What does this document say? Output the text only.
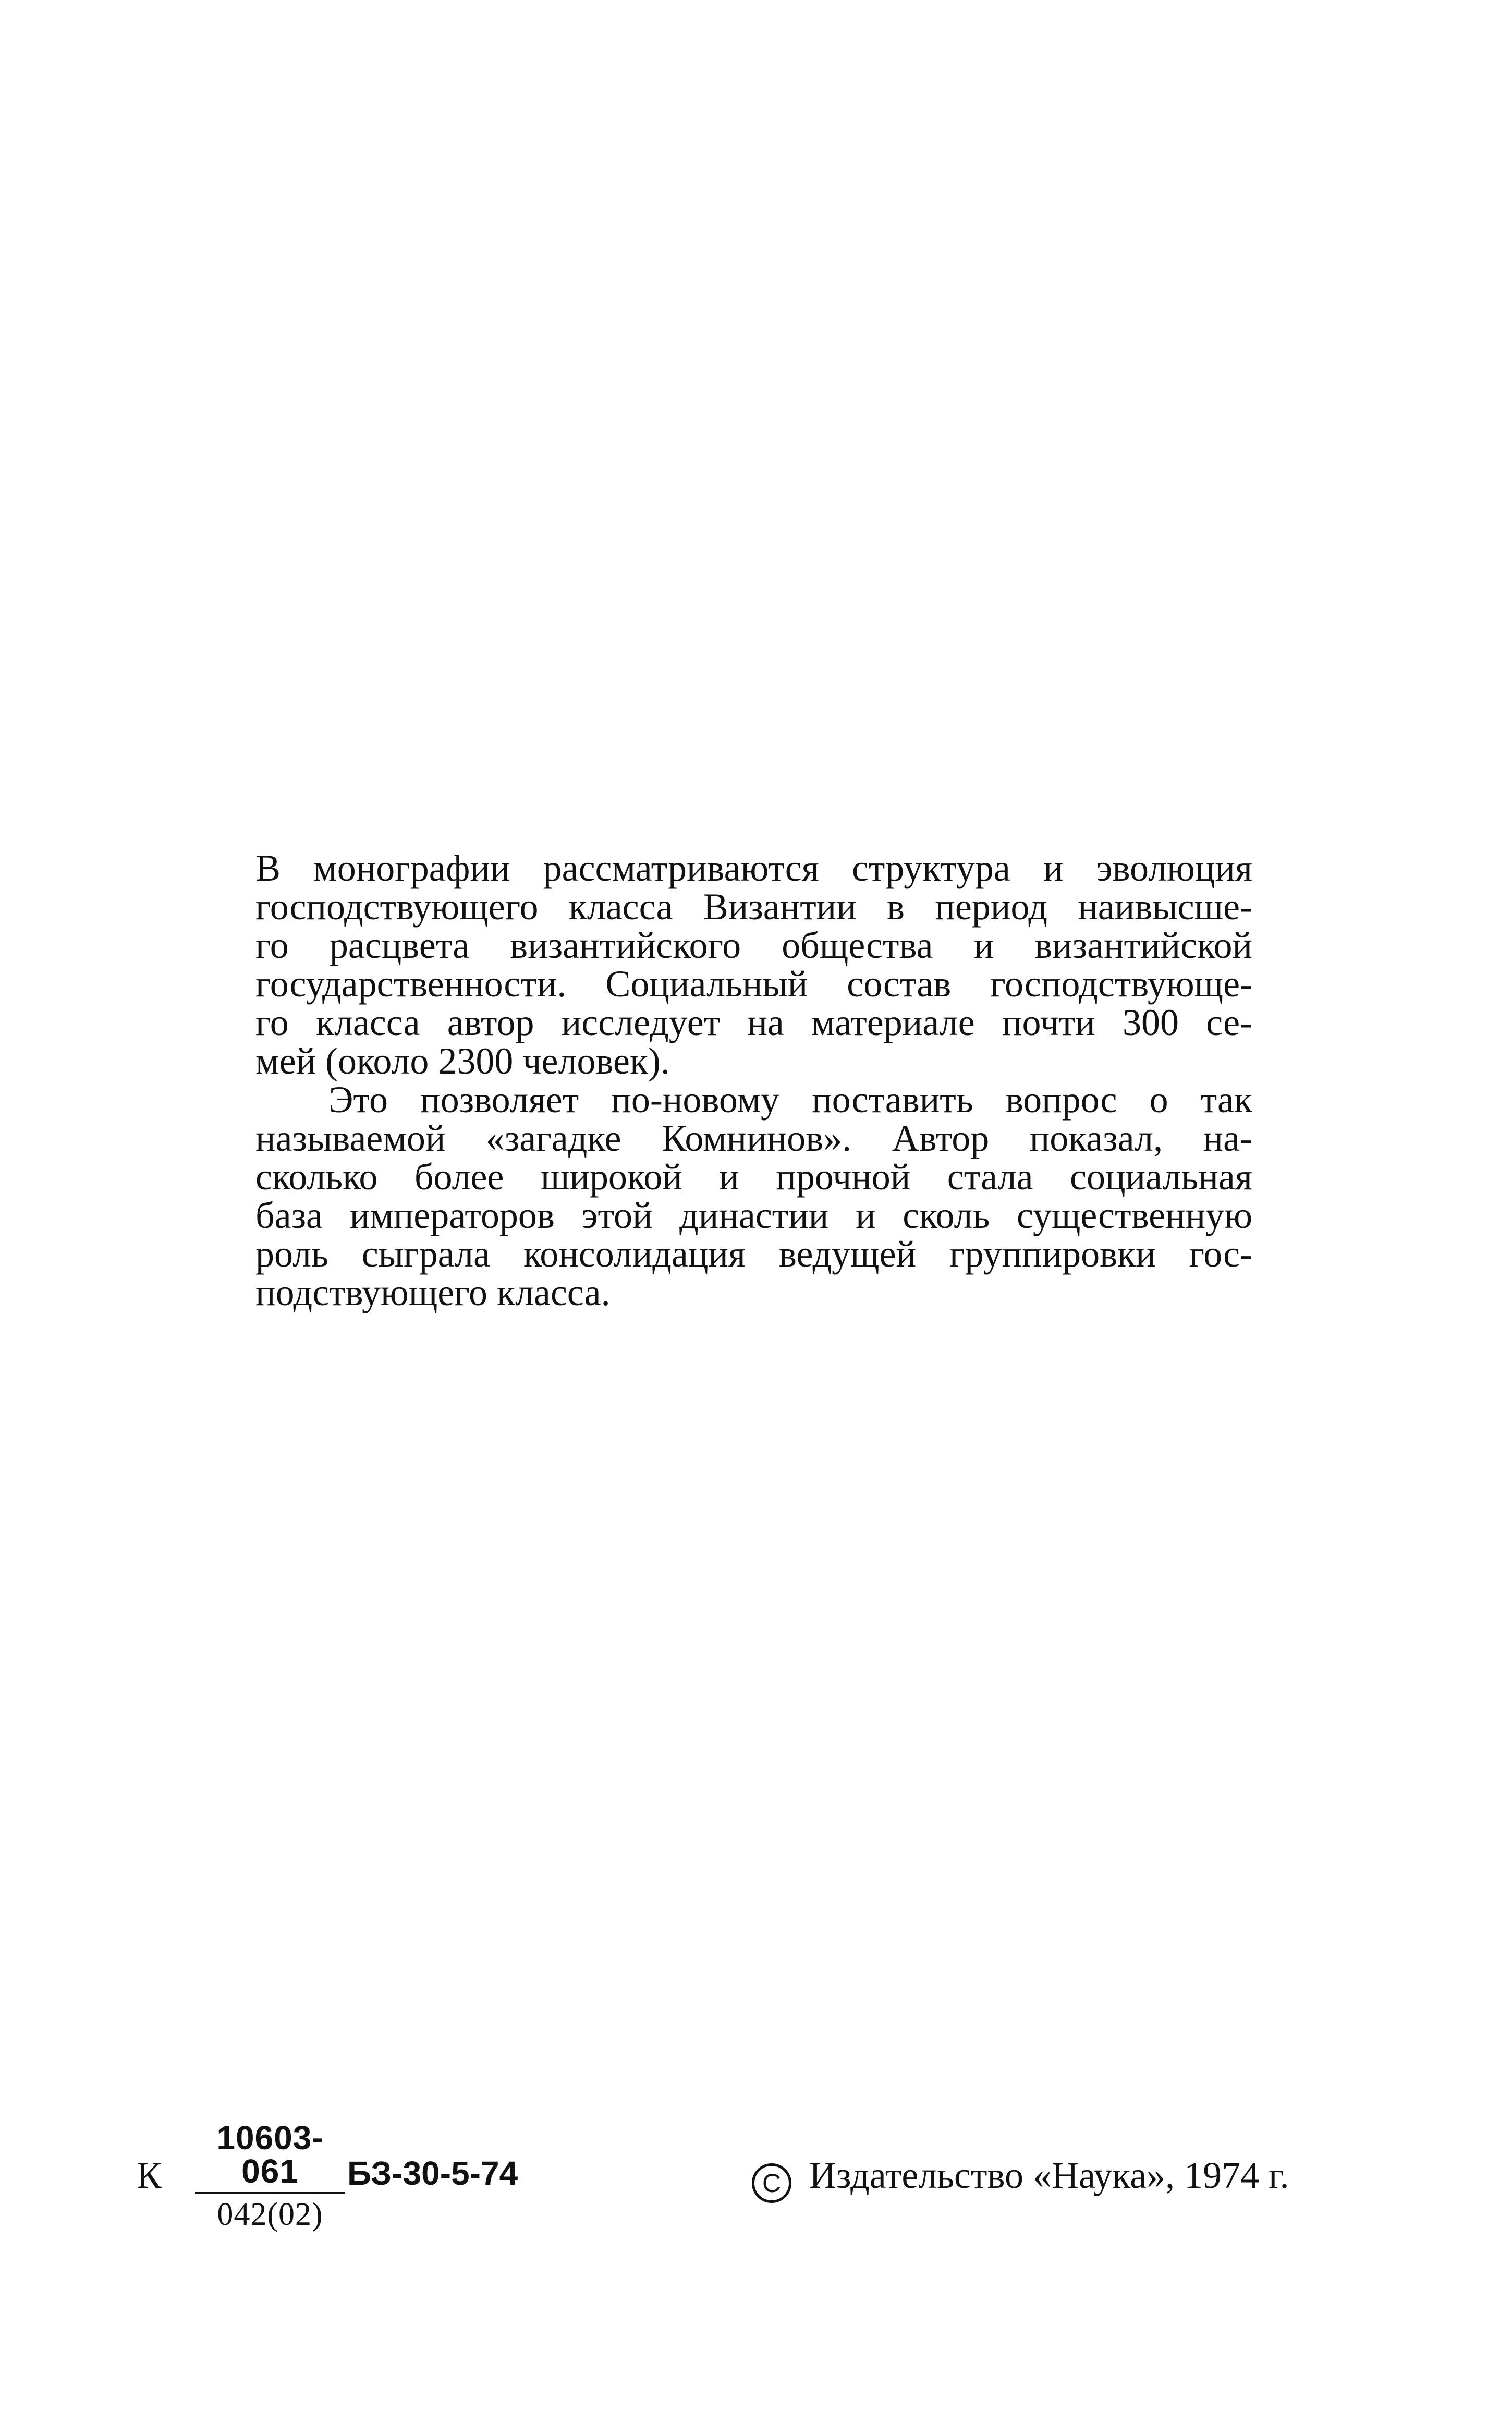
В монографии рассматриваются структура и эволюция
господствующего класса Византии в период наивысше-
го расцвета византийского общества и византийской
государственности. Социальный состав господствующе-
го класса автор исследует на материале почти 300 се-
мей (около 2300 человек).
Это позволяет по-новому поставить вопрос о так
называемой «загадке Комнинов». Автор показал, на-
сколько более широкой и прочной стала социальная
база императоров этой династии и сколь существенную
роль сыграла консолидация ведущей группировки гос-
подствующего класса.
К
10603-061
042(02)
БЗ-30-5-74	C Издательство «Наука», 1974 г.
